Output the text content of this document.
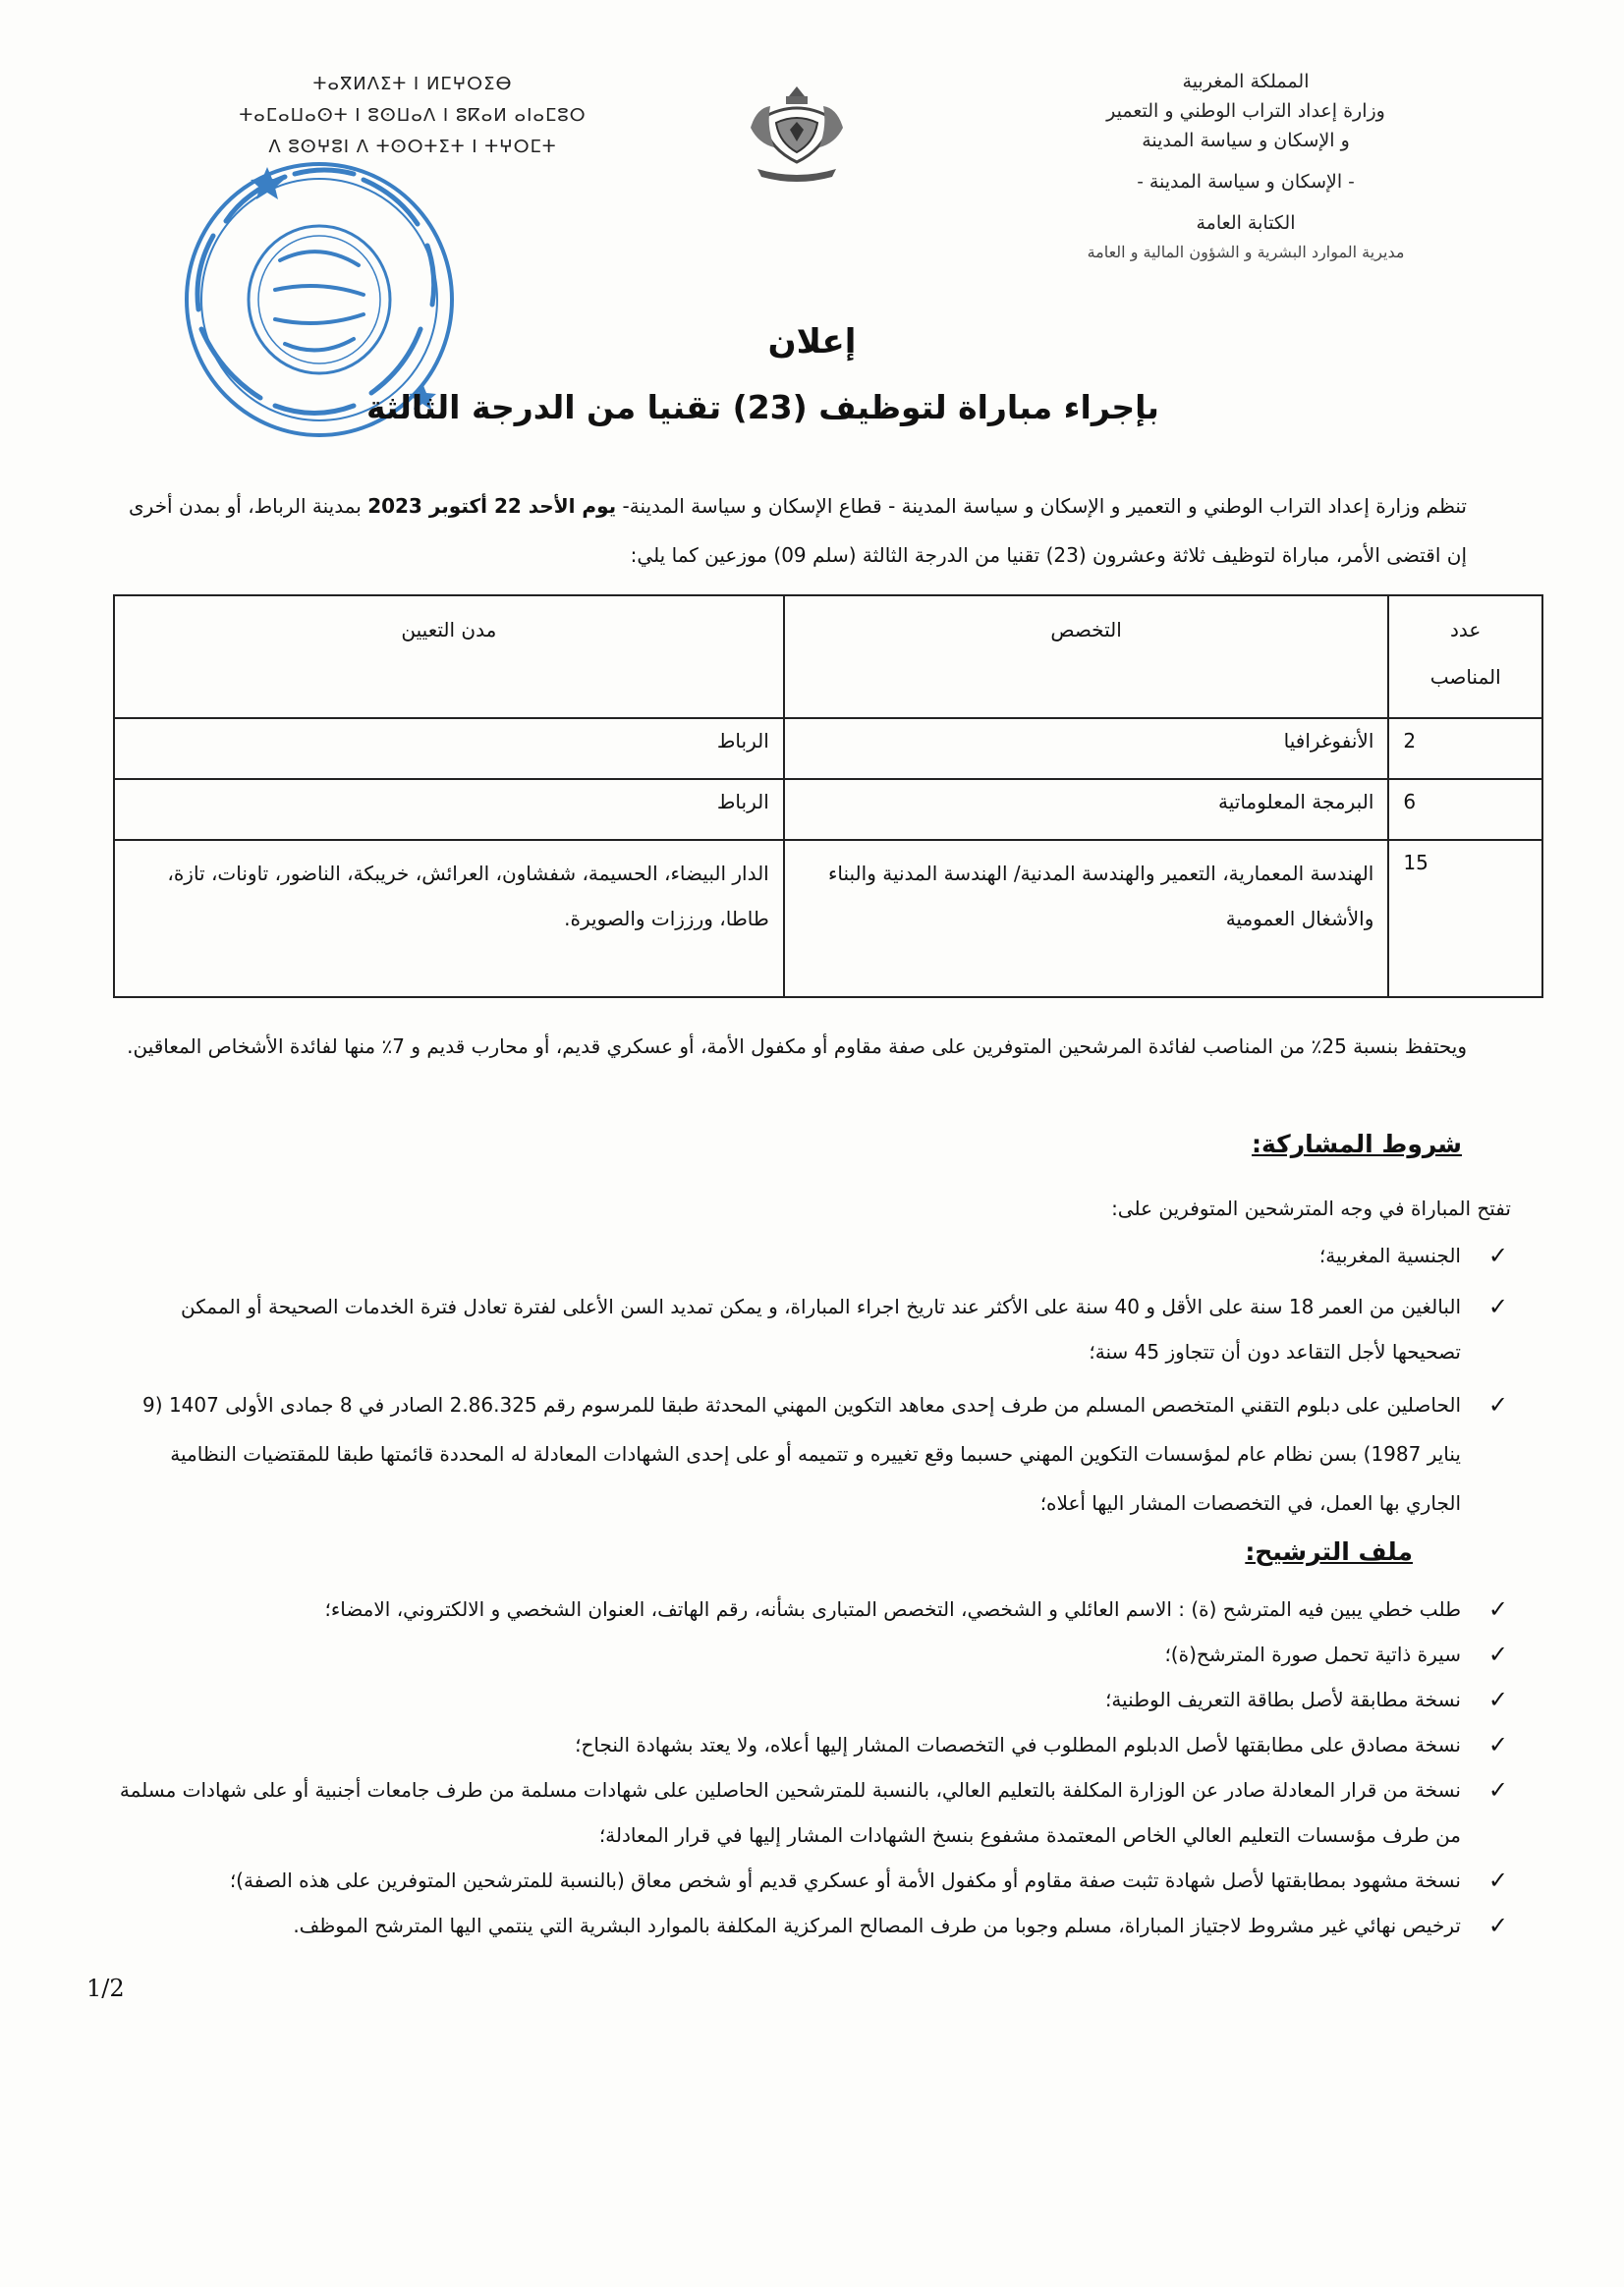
المملكة المغربية
وزارة إعداد التراب الوطني و التعمير
و الإسكان و سياسة المدينة
- الإسكان و سياسة المدينة -
الكتابة العامة
مديرية الموارد البشرية و الشؤون المالية و العامة
ⵜⴰⴳⵍⴷⵉⵜ ⵏ ⵍⵎⵖⵔⵉⴱ
ⵜⴰⵎⴰⵡⴰⵙⵜ ⵏ ⵓⵙⵡⴰⴷ ⵏ ⵓⴽⴰⵍ ⴰⵏⴰⵎⵓⵔ
ⴷ ⵓⵙⵖⵓⵏ ⴷ ⵜⵙⵔⵜⵉⵜ ⵏ ⵜⵖⵔⵎⵜ
إعلان
بإجراء مباراة لتوظيف (23) تقنيا من الدرجة الثالثة
تنظم وزارة إعداد التراب الوطني و التعمير و الإسكان و سياسة المدينة - قطاع الإسكان و سياسة المدينة- يوم الأحد 22 أكتوبر 2023 بمدينة الرباط، أو بمدن أخرى
إن اقتضى الأمر، مباراة لتوظيف ثلاثة وعشرون (23) تقنيا من الدرجة الثالثة (سلم 09) موزعين كما يلي:
عدد
المناصب	التخصص	مدن التعيين
2	الأنفوغرافيا	الرباط
6	البرمجة المعلوماتية	الرباط
15	الهندسة المعمارية، التعمير والهندسة المدنية/ الهندسة المدنية والبناء والأشغال العمومية	الدار البيضاء، الحسيمة، شفشاون، العرائش، خريبكة، الناضور، تاونات، تازة، طاطا، ورززات والصويرة.
ويحتفظ بنسبة 25٪ من المناصب لفائدة المرشحين المتوفرين على صفة مقاوم أو مكفول الأمة، أو عسكري قديم، أو محارب قديم و 7٪ منها لفائدة الأشخاص المعاقين.
شروط المشاركة:
تفتح المباراة في وجه المترشحين المتوفرين على:
✓
الجنسية المغربية؛
✓
البالغين من العمر 18 سنة على الأقل و 40 سنة على الأكثر عند تاريخ اجراء المباراة، و يمكن تمديد السن الأعلى لفترة تعادل فترة الخدمات الصحيحة أو الممكن تصحيحها لأجل التقاعد دون أن تتجاوز 45 سنة؛
✓
الحاصلين على دبلوم التقني المتخصص المسلم من طرف إحدى معاهد التكوين المهني المحدثة طبقا للمرسوم رقم 2.86.325 الصادر في 8 جمادى الأولى 1407 (9 يناير 1987) بسن نظام عام لمؤسسات التكوين المهني حسبما وقع تغييره و تتميمه أو على إحدى الشهادات المعادلة له المحددة قائمتها طبقا للمقتضيات النظامية الجاري بها العمل، في التخصصات المشار اليها أعلاه؛
ملف الترشيح:
✓
طلب خطي يبين فيه المترشح (ة) : الاسم العائلي و الشخصي، التخصص المتبارى بشأنه، رقم الهاتف، العنوان الشخصي و الالكتروني، الامضاء؛
✓
سيرة ذاتية تحمل صورة المترشح(ة)؛
✓
نسخة مطابقة لأصل بطاقة التعريف الوطنية؛
✓
نسخة مصادق على مطابقتها لأصل الدبلوم المطلوب في التخصصات المشار إليها أعلاه، ولا يعتد بشهادة النجاح؛
✓
نسخة من قرار المعادلة صادر عن الوزارة المكلفة بالتعليم العالي، بالنسبة للمترشحين الحاصلين على شهادات مسلمة من طرف جامعات أجنبية أو على شهادات مسلمة من طرف مؤسسات التعليم العالي الخاص المعتمدة مشفوع بنسخ الشهادات المشار إليها في قرار المعادلة؛
✓
نسخة مشهود بمطابقتها لأصل شهادة تثبت صفة مقاوم أو مكفول الأمة أو عسكري قديم أو شخص معاق (بالنسبة للمترشحين المتوفرين على هذه الصفة)؛
✓
ترخيص نهائي غير مشروط لاجتياز المباراة، مسلم وجوبا من طرف المصالح المركزية المكلفة بالموارد البشرية التي ينتمي اليها المترشح الموظف.
1/2
